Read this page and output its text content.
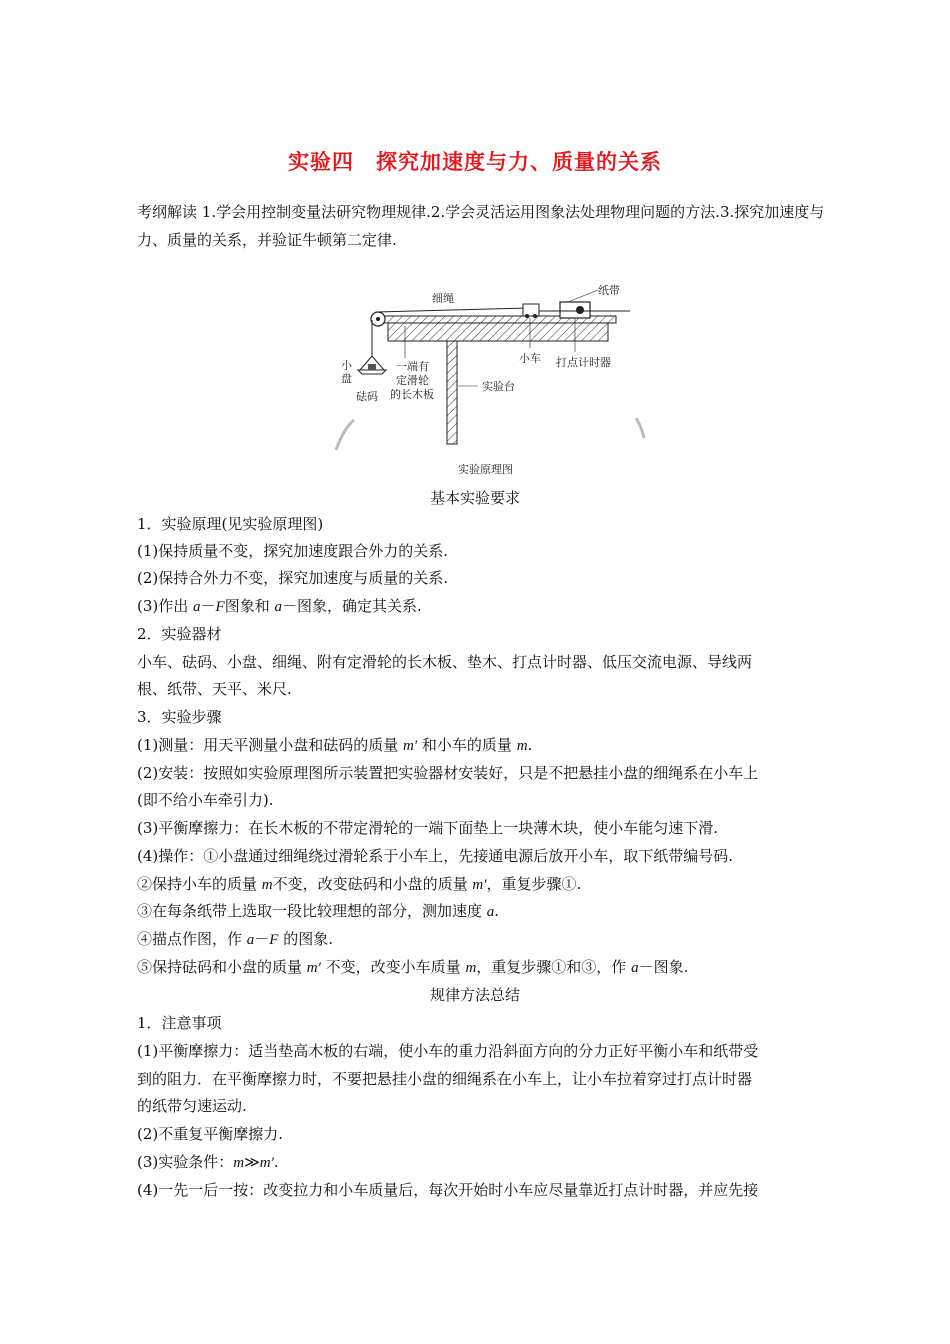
实验四 探究加速度与力、质量的关系
考纲解读 1.学会用控制变量法研究物理规律.2.学会灵活运用图象法处理物理问题的方法.3.探究加速度与力、质量的关系，并验证牛顿第二定律.
细绳
纸带
小
盘
砝码
一端有
定滑轮
的长木板
小车 打点计时器
实验台
实验原理图
基本实验要求
1．实验原理(见实验原理图)
(1)保持质量不变，探究加速度跟合外力的关系.
(2)保持合外力不变，探究加速度与质量的关系.
(3)作出 a－F图象和 a－图象，确定其关系.
2．实验器材
小车、砝码、小盘、细绳、附有定滑轮的长木板、垫木、打点计时器、低压交流电源、导线两
根、纸带、天平、米尺.
3．实验步骤
(1)测量：用天平测量小盘和砝码的质量 m′ 和小车的质量 m.
(2)安装：按照如实验原理图所示装置把实验器材安装好，只是不把悬挂小盘的细绳系在小车上
(即不给小车牵引力).
(3)平衡摩擦力：在长木板的不带定滑轮的一端下面垫上一块薄木块，使小车能匀速下滑.
(4)操作：①小盘通过细绳绕过滑轮系于小车上，先接通电源后放开小车，取下纸带编号码.
②保持小车的质量 m不变，改变砝码和小盘的质量 m′，重复步骤①.
③在每条纸带上选取一段比较理想的部分，测加速度 a.
④描点作图，作 a－F 的图象.
⑤保持砝码和小盘的质量 m′ 不变，改变小车质量 m，重复步骤①和③，作 a－图象.
规律方法总结
1．注意事项
(1)平衡摩擦力：适当垫高木板的右端，使小车的重力沿斜面方向的分力正好平衡小车和纸带受
到的阻力．在平衡摩擦力时，不要把悬挂小盘的细绳系在小车上，让小车拉着穿过打点计时器
的纸带匀速运动.
(2)不重复平衡摩擦力.
(3)实验条件：m≫m′.
(4)一先一后一按：改变拉力和小车质量后，每次开始时小车应尽量靠近打点计时器，并应先接
